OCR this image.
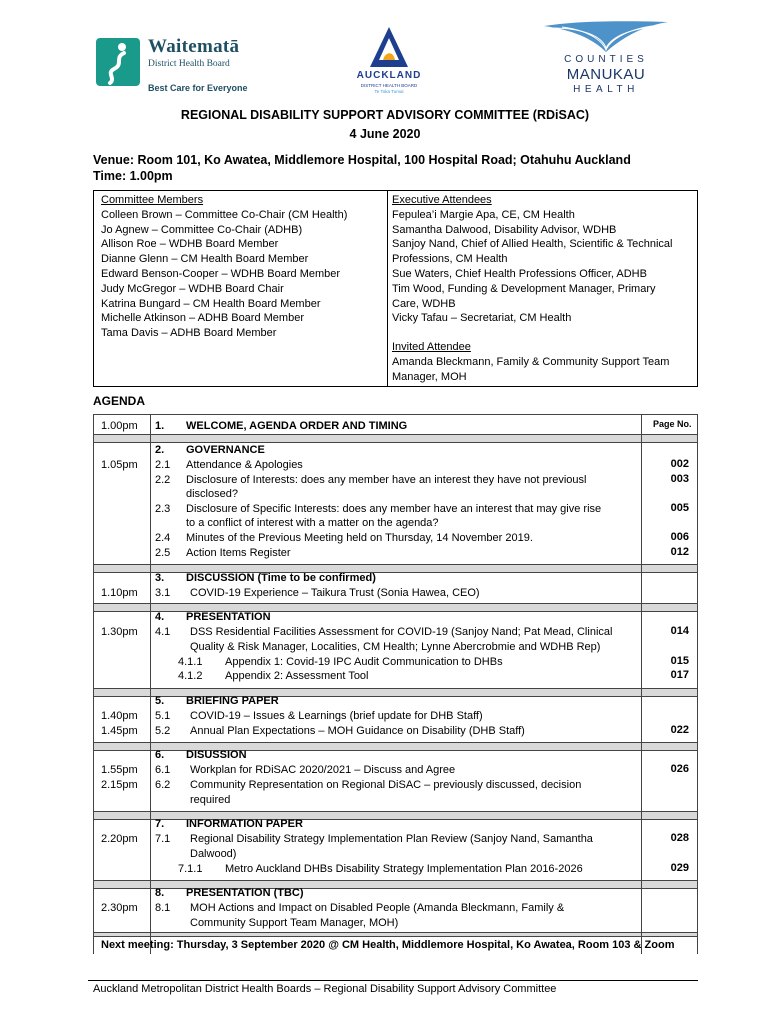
Waitematā
District Health Board
Best Care for Everyone
AUCKLAND
DISTRICT HEALTH BOARD
Te Toka Tumai
COUNTIES
MANUKAU
HEALTH
REGIONAL DISABILITY SUPPORT ADVISORY COMMITTEE (RDiSAC)
4 June 2020
Venue: Room 101, Ko Awatea, Middlemore Hospital, 100 Hospital Road; Otahuhu Auckland
Time: 1.00pm
Committee Members
Colleen Brown – Committee Co-Chair (CM Health)
Jo Agnew – Committee Co-Chair (ADHB)
Allison Roe – WDHB Board Member
Dianne Glenn – CM Health Board Member
Edward Benson-Cooper – WDHB Board Member
Judy McGregor – WDHB Board Chair
Katrina Bungard – CM Health Board Member
Michelle Atkinson – ADHB Board Member
Tama Davis – ADHB Board Member
Executive Attendees
Fepulea’i Margie Apa, CE, CM Health
Samantha Dalwood, Disability Advisor, WDHB
Sanjoy Nand, Chief of Allied Health, Scientific & Technical
Professions, CM Health
Sue Waters, Chief Health Professions Officer, ADHB
Tim Wood, Funding & Development Manager, Primary
Care, WDHB
Vicky Tafau – Secretariat, CM Health
Invited Attendee
Amanda Bleckmann, Family & Community Support Team
Manager, MOH
AGENDA
Page No.
1.00pm 1. WELCOME, AGENDA ORDER AND TIMING
2. GOVERNANCE
1.05pm 2.1 Attendance & Apologies
2.2 Disclosure of Interests: does any member have an interest they have not previousl
disclosed?
2.3 Disclosure of Specific Interests: does any member have an interest that may give rise
to a conflict of interest with a matter on the agenda?
2.4 Minutes of the Previous Meeting held on Thursday, 14 November 2019.
2.5 Action Items Register
002
003
005
006
012
3. DISCUSSION (Time to be confirmed)
1.10pm 3.1 COVID-19 Experience – Taikura Trust (Sonia Hawea, CEO)
4. PRESENTATION
1.30pm 4.1 DSS Residential Facilities Assessment for COVID-19 (Sanjoy Nand; Pat Mead, Clinical
Quality & Risk Manager, Localities, CM Health; Lynne Abercrobmie and WDHB Rep)
4.1.1 Appendix 1: Covid-19 IPC Audit Communication to DHBs
4.1.2 Appendix 2: Assessment Tool
014
015
017
5. BRIEFING PAPER
1.40pm 5.1 COVID-19 – Issues & Learnings (brief update for DHB Staff)
1.45pm 5.2 Annual Plan Expectations – MOH Guidance on Disability (DHB Staff)	022
6. DISUSSION
1.55pm 6.1 Workplan for RDiSAC 2020/2021 – Discuss and Agree
2.15pm 6.2 Community Representation on Regional DiSAC – previously discussed, decision
required
026
7. INFORMATION PAPER
2.20pm 7.1 Regional Disability Strategy Implementation Plan Review (Sanjoy Nand, Samantha
Dalwood)
7.1.1 Metro Auckland DHBs Disability Strategy Implementation Plan 2016-2026
028
029
8. PRESENTATION (TBC)
2.30pm 8.1 MOH Actions and Impact on Disabled People (Amanda Bleckmann, Family &
Community Support Team Manager, MOH)
Next meeting: Thursday, 3 September 2020 @ CM Health, Middlemore Hospital, Ko Awatea, Room 103 & Zoom
Auckland Metropolitan District Health Boards – Regional Disability Support Advisory Committee
